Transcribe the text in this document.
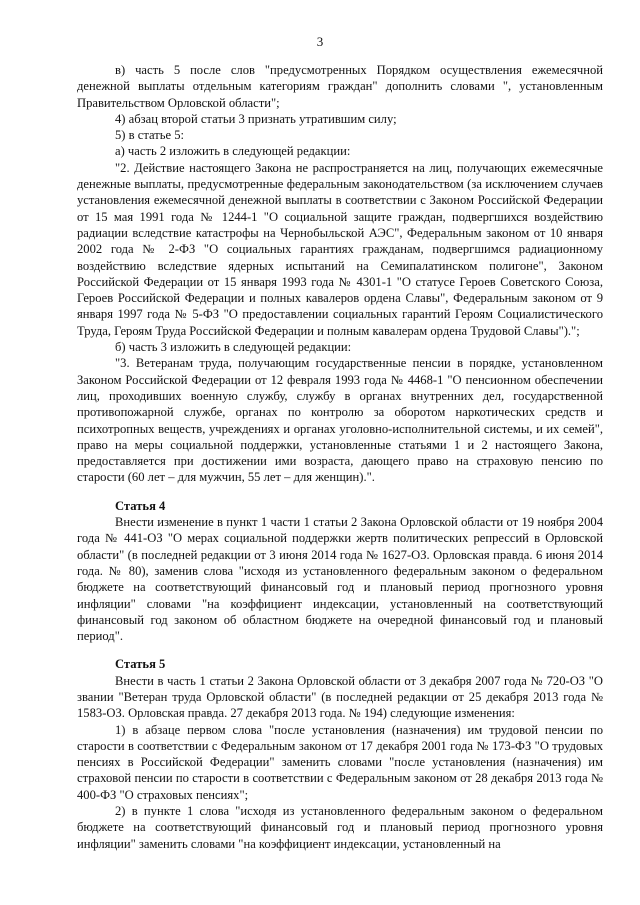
3

в) часть 5 после слов "предусмотренных Порядком осуществления ежемесячной денежной выплаты отдельным категориям граждан" дополнить словами ", установленным Правительством Орловской области";

4) абзац второй статьи 3 признать утратившим силу;

5) в статье 5:

а) часть 2 изложить в следующей редакции:

"2. Действие настоящего Закона не распространяется на лиц, получающих ежемесячные денежные выплаты, предусмотренные федеральным законодательством (за исключением случаев установления ежемесячной денежной выплаты в соответствии с Законом Российской Федерации от 15 мая 1991 года № 1244-1 "О социальной защите граждан, подвергшихся воздействию радиации вследствие катастрофы на Чернобыльской АЭС", Федеральным законом от 10 января 2002 года № 2-ФЗ "О социальных гарантиях гражданам, подвергшимся радиационному воздействию вследствие ядерных испытаний на Семипалатинском полигоне", Законом Российской Федерации от 15 января 1993 года № 4301-1 "О статусе Героев Советского Союза, Героев Российской Федерации и полных кавалеров ордена Славы", Федеральным законом от 9 января 1997 года № 5-ФЗ "О предоставлении социальных гарантий Героям Социалистического Труда, Героям Труда Российской Федерации и полным кавалерам ордена Трудовой Славы").";

б) часть 3 изложить в следующей редакции:

"3. Ветеранам труда, получающим государственные пенсии в порядке, установленном Законом Российской Федерации от 12 февраля 1993 года № 4468-1 "О пенсионном обеспечении лиц, проходивших военную службу, службу в органах внутренних дел, государственной противопожарной службе, органах по контролю за оборотом наркотических средств и психотропных веществ, учреждениях и органах уголовно-исполнительной системы, и их семей", право на меры социальной поддержки, установленные статьями 1 и 2 настоящего Закона, предоставляется при достижении ими возраста, дающего право на страховую пенсию по старости (60 лет – для мужчин, 55 лет – для женщин).".

Статья 4

Внести изменение в пункт 1 части 1 статьи 2 Закона Орловской области от 19 ноября 2004 года № 441-ОЗ "О мерах социальной поддержки жертв политических репрессий в Орловской области" (в последней редакции от 3 июня 2014 года № 1627-ОЗ. Орловская правда. 6 июня 2014 года. № 80), заменив слова "исходя из установленного федеральным законом о федеральном бюджете на соответствующий финансовый год и плановый период прогнозного уровня инфляции" словами "на коэффициент индексации, установленный на соответствующий финансовый год законом об областном бюджете на очередной финансовый год и плановый период".

Статья 5

Внести в часть 1 статьи 2 Закона Орловской области от 3 декабря 2007 года № 720-ОЗ "О звании "Ветеран труда Орловской области" (в последней редакции от 25 декабря 2013 года № 1583-ОЗ. Орловская правда. 27 декабря 2013 года. № 194) следующие изменения:

1) в абзаце первом слова "после установления (назначения) им трудовой пенсии по старости в соответствии с Федеральным законом от 17 декабря 2001 года № 173-ФЗ "О трудовых пенсиях в Российской Федерации" заменить словами "после установления (назначения) им страховой пенсии по старости в соответствии с Федеральным законом от 28 декабря 2013 года № 400-ФЗ "О страховых пенсиях";

2) в пункте 1 слова "исходя из установленного федеральным законом о федеральном бюджете на соответствующий финансовый год и плановый период прогнозного уровня инфляции" заменить словами "на коэффициент индексации, установленный на
